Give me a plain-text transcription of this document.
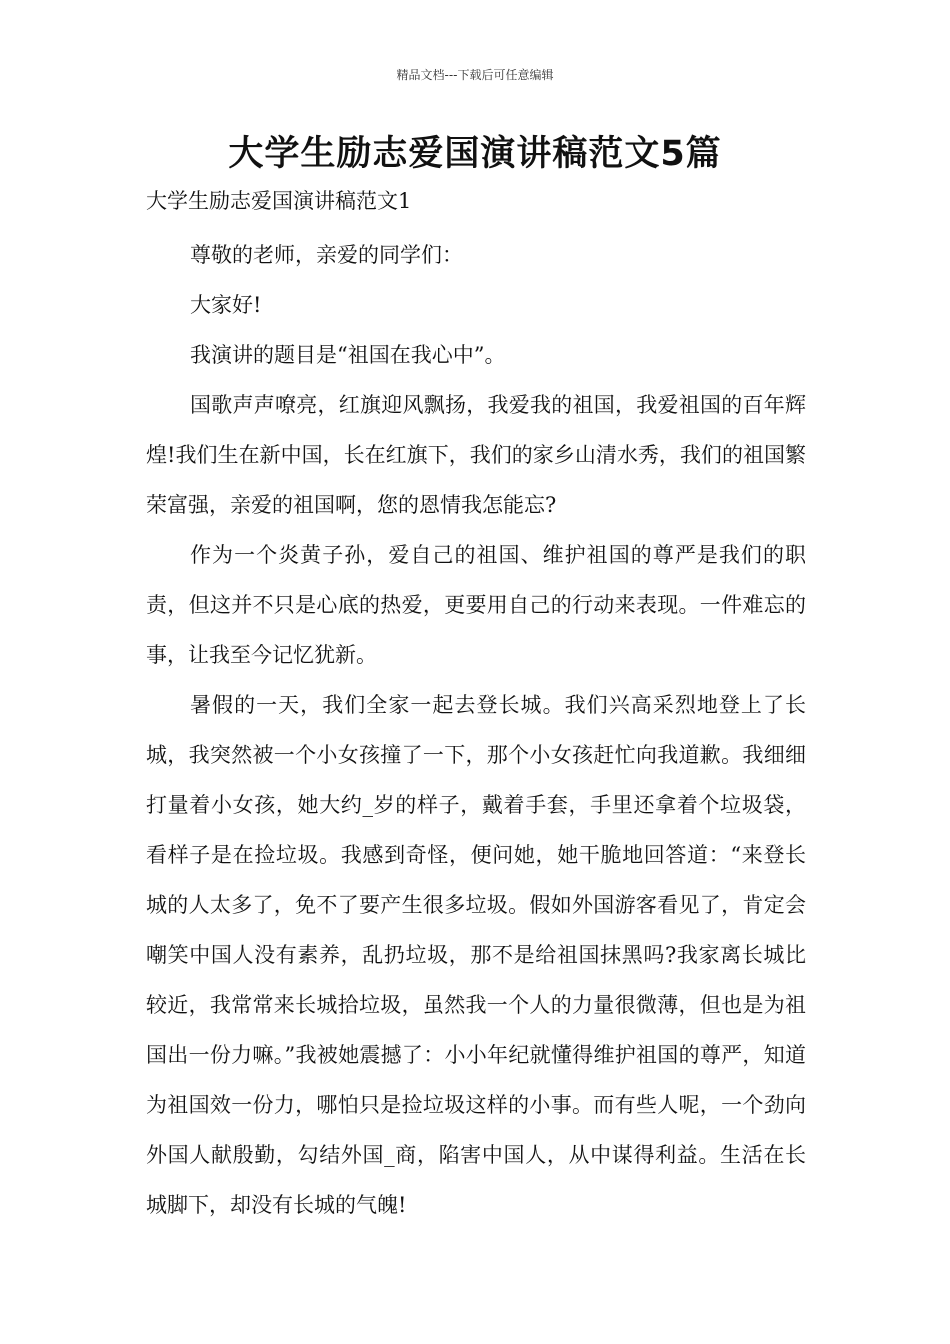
精品文档---下载后可任意编辑
大学生励志爱国演讲稿范文5篇
大学生励志爱国演讲稿范文1

尊敬的老师，亲爱的同学们：

大家好!

我演讲的题目是“祖国在我心中”。

国歌声声嘹亮，红旗迎风飘扬，我爱我的祖国，我爱祖国的百年辉煌!我们生在新中国，长在红旗下，我们的家乡山清水秀，我们的祖国繁荣富强，亲爱的祖国啊，您的恩情我怎能忘?

作为一个炎黄子孙，爱自己的祖国、维护祖国的尊严是我们的职责，但这并不只是心底的热爱，更要用自己的行动来表现。一件难忘的事，让我至今记忆犹新。

暑假的一天，我们全家一起去登长城。我们兴高采烈地登上了长城，我突然被一个小女孩撞了一下，那个小女孩赶忙向我道歉。我细细打量着小女孩，她大约_岁的样子，戴着手套，手里还拿着个垃圾袋，看样子是在捡垃圾。我感到奇怪，便问她，她干脆地回答道：“来登长城的人太多了，免不了要产生很多垃圾。假如外国游客看见了，肯定会嘲笑中国人没有素养，乱扔垃圾，那不是给祖国抹黑吗?我家离长城比较近，我常常来长城拾垃圾，虽然我一个人的力量很微薄，但也是为祖国出一份力嘛。”我被她震撼了：小小年纪就懂得维护祖国的尊严，知道为祖国效一份力，哪怕只是捡垃圾这样的小事。而有些人呢，一个劲向外国人献殷勤，勾结外国_商，陷害中国人，从中谋得利益。生活在长城脚下，却没有长城的气魄!
